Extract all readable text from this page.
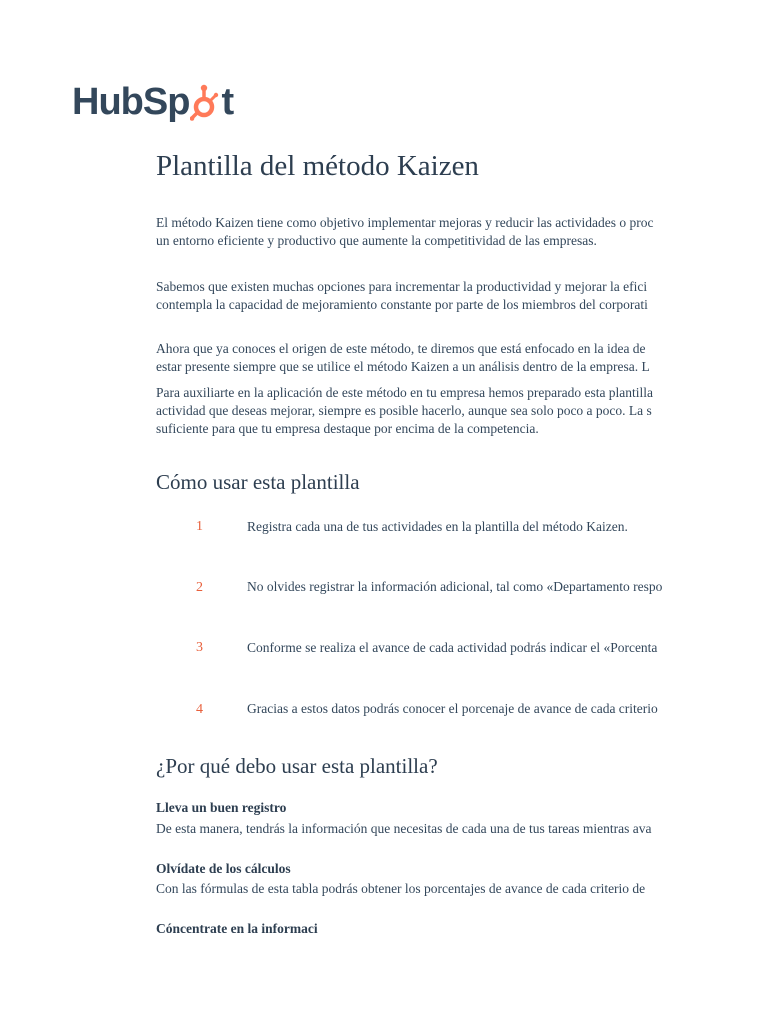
HubSp t
Plantilla del método Kaizen
El método Kaizen tiene como objetivo implementar mejoras y reducir las actividades o proc
un entorno eficiente y productivo que aumente la competitividad de las empresas.
Sabemos que existen muchas opciones para incrementar la productividad y mejorar la efici
contempla la capacidad de mejoramiento constante por parte de los miembros del corporati
Ahora que ya conoces el origen de este método, te diremos que está enfocado en la idea de
estar presente siempre que se utilice el método Kaizen a un análisis dentro de la empresa. L
Para auxiliarte en la aplicación de este método en tu empresa hemos preparado esta plantilla
actividad que deseas mejorar, siempre es posible hacerlo, aunque sea solo poco a poco. La s
suficiente para que tu empresa destaque por encima de la competencia.
Cómo usar esta plantilla
1	Registra cada una de tus actividades en la plantilla del método Kaizen.
2	No olvides registrar la información adicional, tal como «Departamento respo
3	Conforme se realiza el avance de cada actividad podrás indicar el «Porcenta
4	Gracias a estos datos podrás conocer el porcenaje de avance de cada criterio
¿Por qué debo usar esta plantilla?
Lleva un buen registro
De esta manera, tendrás la información que necesitas de cada una de tus tareas mientras ava
Olvídate de los cálculos
Con las fórmulas de esta tabla podrás obtener los porcentajes de avance de cada criterio de
Cóncentrate en la informaci
